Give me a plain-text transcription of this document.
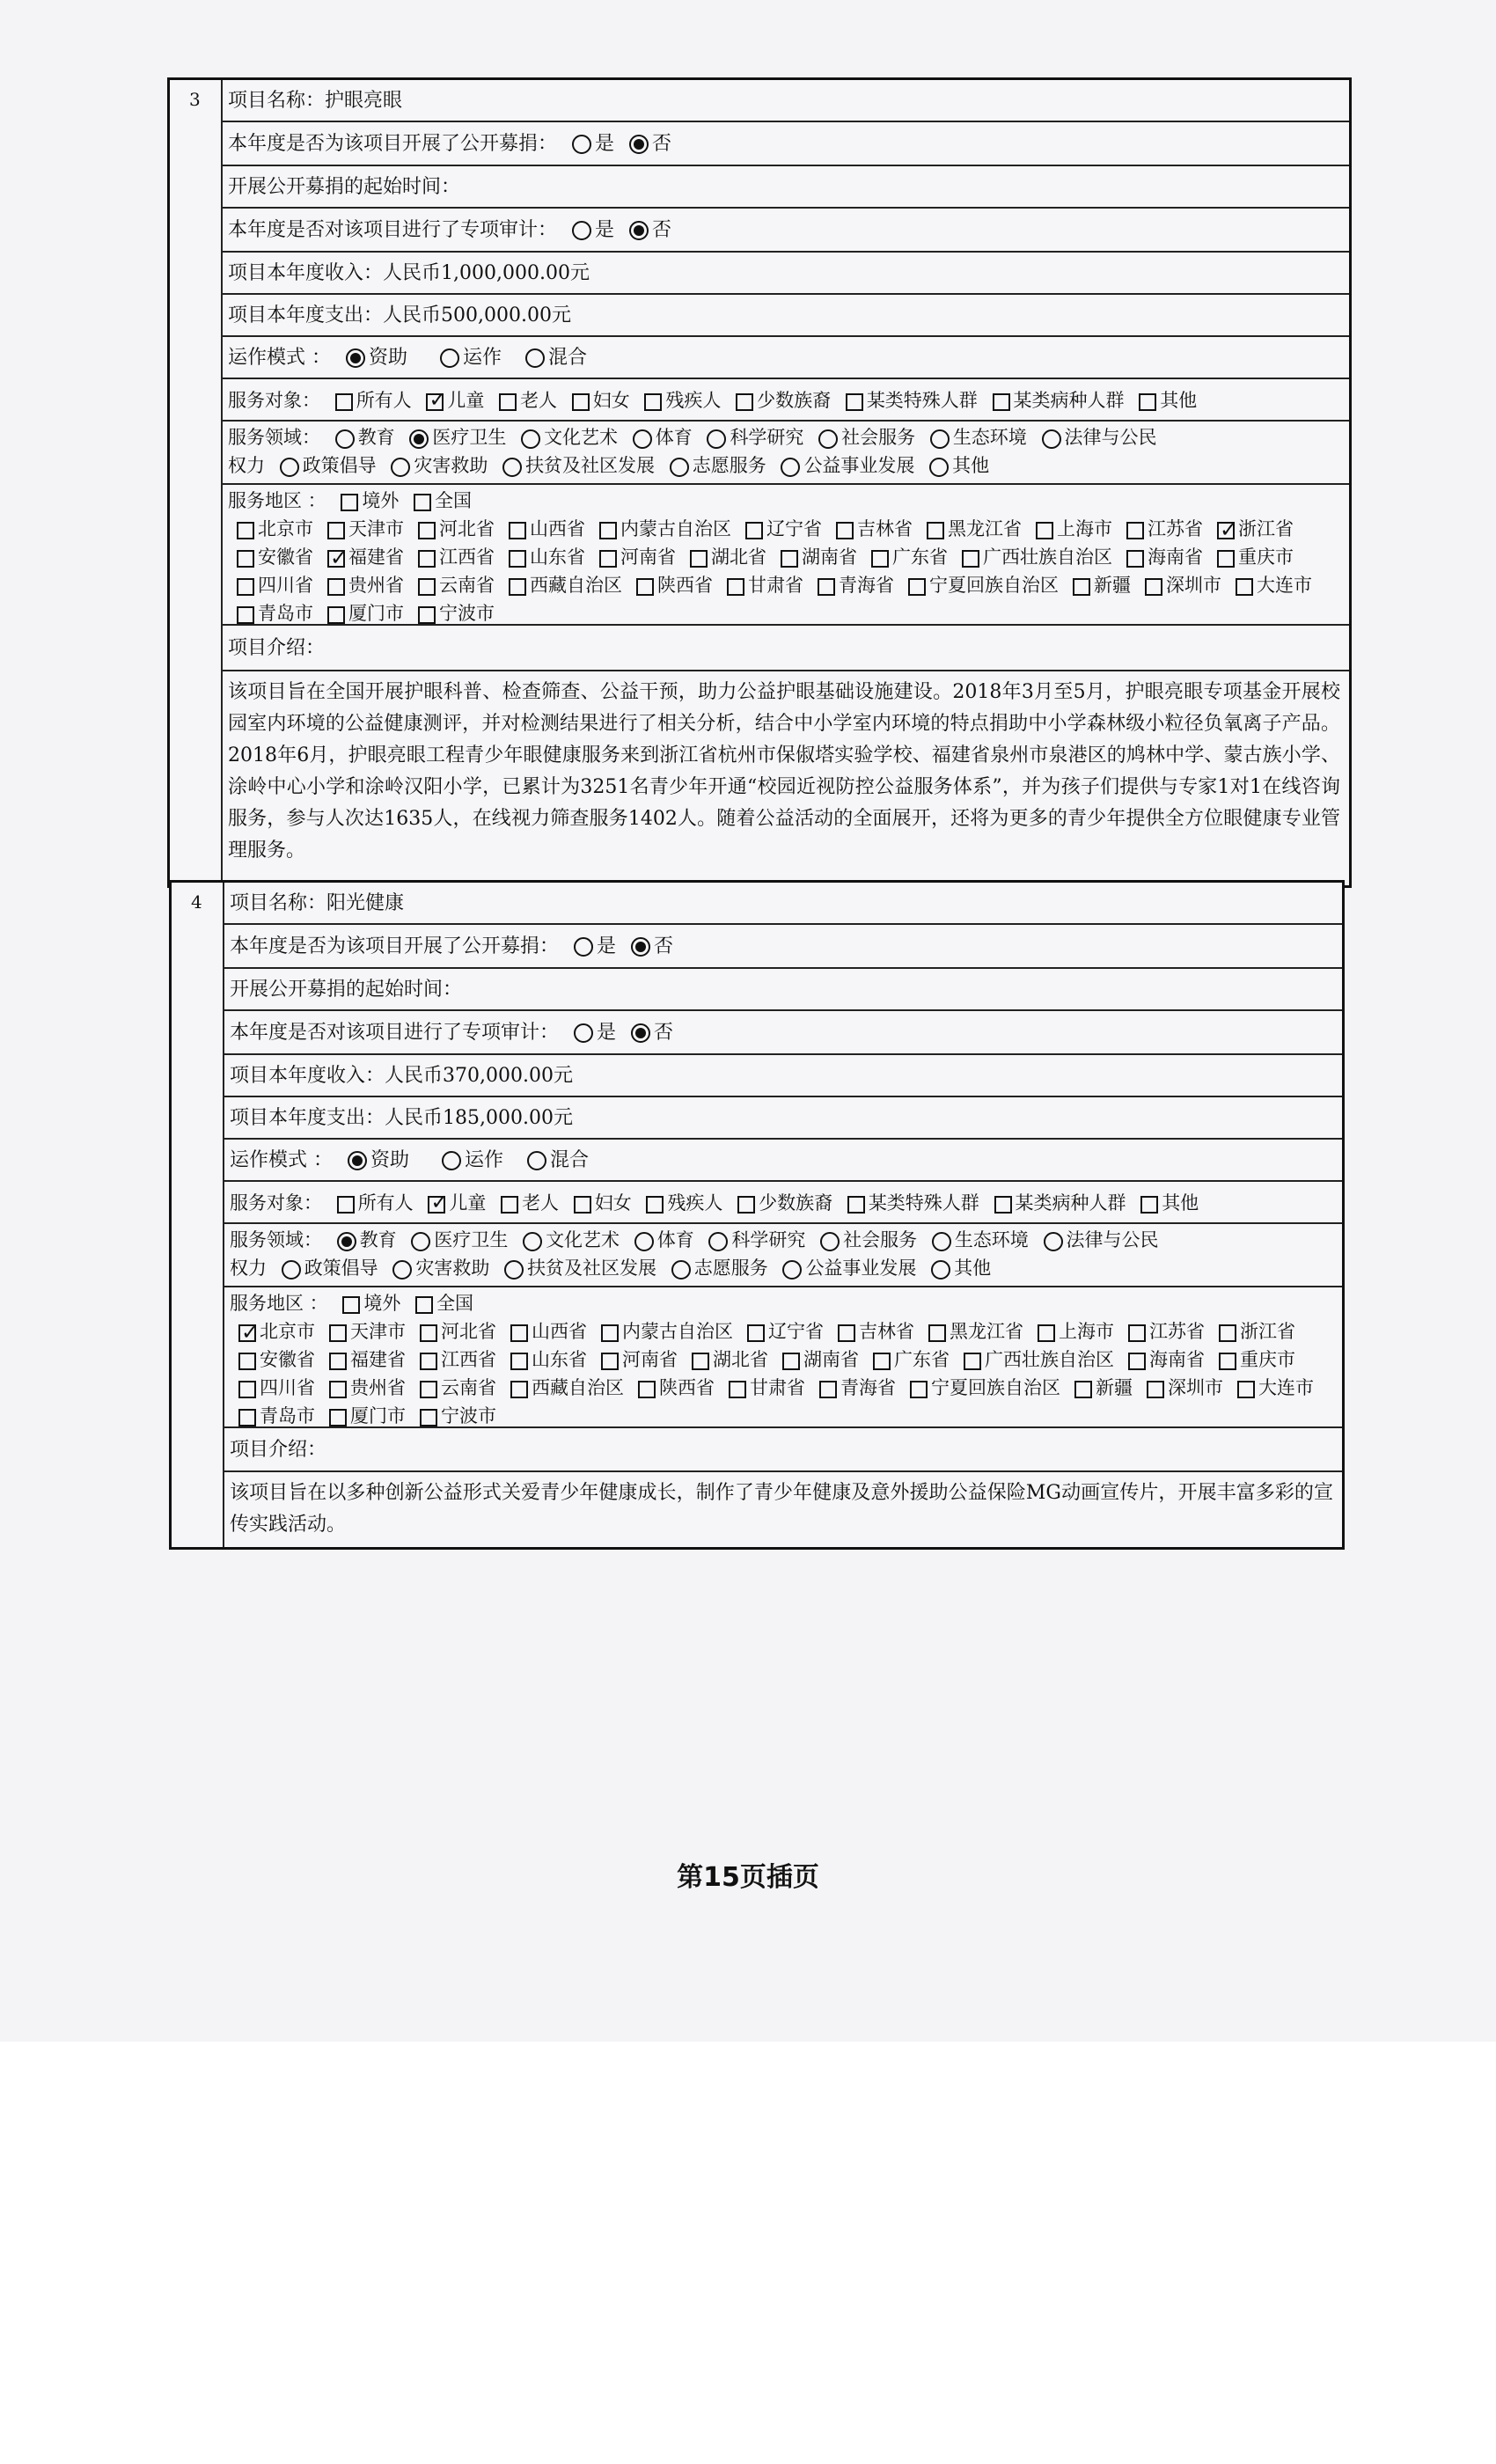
3 项目名称：护眼亮眼
本年度是否为该项目开展了公开募捐： 是 否
开展公开募捐的起始时间：
本年度是否对该项目进行了专项审计： 是 否
项目本年度收入：人民币1,000,000.00元
项目本年度支出：人民币500,000.00元
运作模式 ： 资助	运作 混合
服务对象： 所有人 ✓ 儿童 老人 妇女 残疾人 少数族裔 某类特殊人群 某类病种人群 其他
服务领域： 教育 医疗卫生 文化艺术 体育 科学研究 社会服务 生态环境 法律与公民
权力 政策倡导 灾害救助 扶贫及社区发展 志愿服务 公益事业发展 其他
服务地区 ： 境外 全国
北京市 天津市 河北省 山西省 内蒙古自治区 辽宁省 吉林省 黑龙江省 上海市 江苏省 ✓ 浙江省安徽省 ✓ 福建省 江西省 山东省 河南省 湖北省 湖南省 广东省 广西壮族自治区 海南省 重庆市四川省 贵州省 云南省 西藏自治区 陕西省 甘肃省 青海省 宁夏回族自治区 新疆 深圳市 大连市青岛市 厦门市 宁波市
项目介绍：
该项目旨在全国开展护眼科普、检查筛查、公益干预，助力公益护眼基础设施建设。2018年3月至5月，护眼亮眼专项基金开展校园室内环境的公益健康测评，并对检测结果进行了相关分析，结合中小学室内环境的特点捐助中小学森林级小粒径负氧离子产品。2018年6月，护眼亮眼工程青少年眼健康服务来到浙江省杭州市保俶塔实验学校、福建省泉州市泉港区的鸠林中学、蒙古族小学、涂岭中心小学和涂岭汉阳小学，已累计为3251名青少年开通“校园近视防控公益服务体系”，并为孩子们提供与专家1对1在线咨询服务，参与人次达1635人，在线视力筛查服务1402人。随着公益活动的全面展开，还将为更多的青少年提供全方位眼健康专业管理服务。
4 项目名称：阳光健康
本年度是否为该项目开展了公开募捐： 是 否
开展公开募捐的起始时间：
本年度是否对该项目进行了专项审计： 是 否
项目本年度收入：人民币370,000.00元
项目本年度支出：人民币185,000.00元
运作模式 ： 资助	运作 混合
服务对象： 所有人 ✓ 儿童 老人 妇女 残疾人 少数族裔 某类特殊人群 某类病种人群 其他
服务领域： 教育 医疗卫生 文化艺术 体育 科学研究 社会服务 生态环境 法律与公民
权力 政策倡导 灾害救助 扶贫及社区发展 志愿服务 公益事业发展 其他
服务地区 ： 境外 全国
✓北京市 天津市 河北省 山西省 内蒙古自治区 辽宁省 吉林省 黑龙江省 上海市 江苏省 浙江省安徽省 福建省 江西省 山东省 河南省 湖北省 湖南省 广东省 广西壮族自治区 海南省 重庆市四川省 贵州省 云南省 西藏自治区 陕西省 甘肃省 青海省 宁夏回族自治区 新疆 深圳市 大连市青岛市 厦门市 宁波市
项目介绍：
该项目旨在以多种创新公益形式关爱青少年健康成长，制作了青少年健康及意外援助公益保险MG动画宣传片，开展丰富多彩的宣传实践活动。
第15页插页
